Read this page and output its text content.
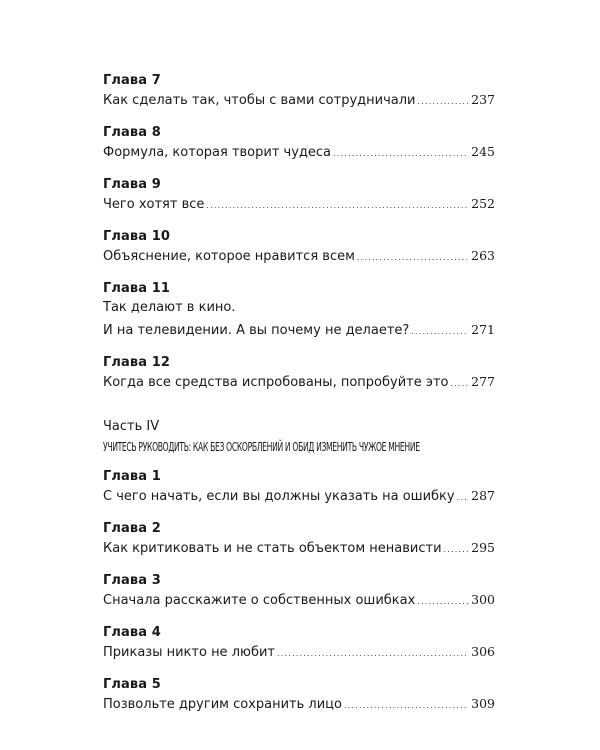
Глава 7
Как сделать так, чтобы с вами сотрудничали .....	237
Глава 8
Формула, которая творит чудеса .....	245
Глава 9
Чего хотят все .....	252
Глава 10
Объяснение, которое нравится всем .....	263
Глава 11
Так делают в кино.
И на телевидении. А вы почему не делаете? .....	271
Глава 12
Когда все средства испробованы, попробуйте это ..... 277
Часть IV
УЧИТЕСЬ РУКОВОДИТЬ: КАК БЕЗ ОСКОРБЛЕНИЙ И ОБИД ИЗМЕНИТЬ ЧУЖОЕ МНЕНИЕ
Глава 1
С чего начать, если вы должны указать на ошибку ..... 287
Глава 2
Как критиковать и не стать объектом ненависти ..... 295
Глава 3
Сначала расскажите о собственных ошибках .....	300
Глава 4
Приказы никто не любит .....	306
Глава 5
Позвольте другим сохранить лицо .....	309
